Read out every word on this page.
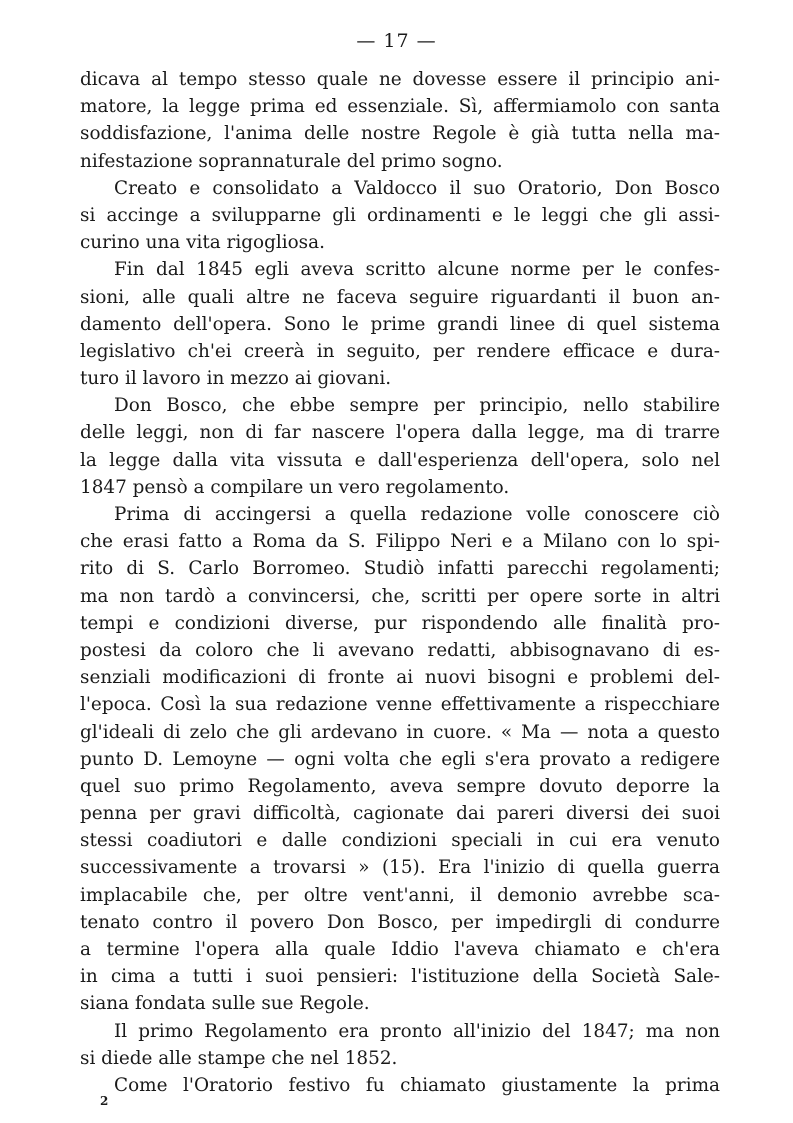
— 17 —
dicava al tempo stesso quale ne dovesse essere il principio ani-
matore, la legge prima ed essenziale. Sì, affermiamolo con santa
soddisfazione, l'anima delle nostre Regole è già tutta nella ma-
nifestazione soprannaturale del primo sogno.
Creato e consolidato a Valdocco il suo Oratorio, Don Bosco
si accinge a svilupparne gli ordinamenti e le leggi che gli assi-
curino una vita rigogliosa.
Fin dal 1845 egli aveva scritto alcune norme per le confes-
sioni, alle quali altre ne faceva seguire riguardanti il buon an-
damento dell'opera. Sono le prime grandi linee di quel sistema
legislativo ch'ei creerà in seguito, per rendere efficace e dura-
turo il lavoro in mezzo ai giovani.
Don Bosco, che ebbe sempre per principio, nello stabilire
delle leggi, non di far nascere l'opera dalla legge, ma di trarre
la legge dalla vita vissuta e dall'esperienza dell'opera, solo nel
1847 pensò a compilare un vero regolamento.
Prima di accingersi a quella redazione volle conoscere ciò
che erasi fatto a Roma da S. Filippo Neri e a Milano con lo spi-
rito di S. Carlo Borromeo. Studiò infatti parecchi regolamenti;
ma non tardò a convincersi, che, scritti per opere sorte in altri
tempi e condizioni diverse, pur rispondendo alle finalità pro-
postesi da coloro che li avevano redatti, abbisognavano di es-
senziali modificazioni di fronte ai nuovi bisogni e problemi del-
l'epoca. Così la sua redazione venne effettivamente a rispecchiare
gl'ideali di zelo che gli ardevano in cuore. « Ma — nota a questo
punto D. Lemoyne — ogni volta che egli s'era provato a redigere
quel suo primo Regolamento, aveva sempre dovuto deporre la
penna per gravi difficoltà, cagionate dai pareri diversi dei suoi
stessi coadiutori e dalle condizioni speciali in cui era venuto
successivamente a trovarsi » (15). Era l'inizio di quella guerra
implacabile che, per oltre vent'anni, il demonio avrebbe sca-
tenato contro il povero Don Bosco, per impedirgli di condurre
a termine l'opera alla quale Iddio l'aveva chiamato e ch'era
in cima a tutti i suoi pensieri: l'istituzione della Società Sale-
siana fondata sulle sue Regole.
Il primo Regolamento era pronto all'inizio del 1847; ma non
si diede alle stampe che nel 1852.
Come l'Oratorio festivo fu chiamato giustamente la prima
2
